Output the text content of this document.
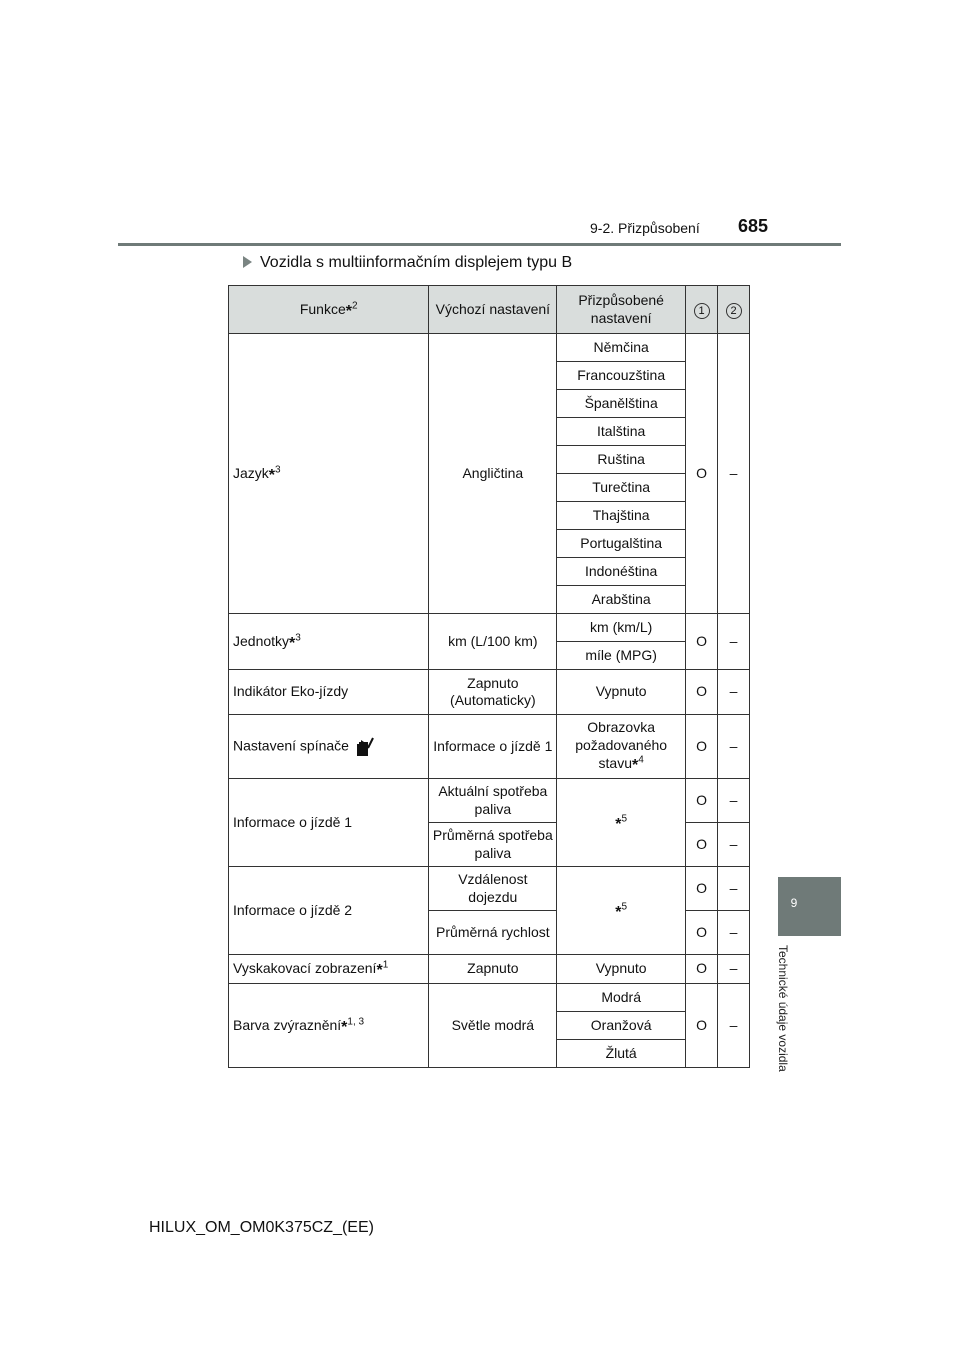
9-2. Přizpůsobení 685
9
Technické údaje vozidla
Vozidla s multiinformačním displejem typu B
Funkce*$^2$	Výchozí nastavení	Přizpůsobené nastavení	1	2
Jazyk*$^3$	Angličtina	Němčina	O	–
		Francouzština		
		Španělština		
		Italština		
		Ruština		
		Turečtina		
		Thajština		
		Portugalština		
		Indonéština		
		Arabština		
Jednotky*$^3$	km (L/100 km)	km (km/L)	O	–
		míle (MPG)		
Indikátor Eko-jízdy	Zapnuto (Automaticky)	Vypnuto	O	–
Nastavení spínače	Informace o jízdě 1	Obrazovka požadovaného stavu*$^4$	O	–
Informace o jízdě 1	Aktuální spotřeba paliva	*$^5$	O	–
	Průměrná spotřeba paliva		O	–
Informace o jízdě 2	Vzdálenost dojezdu	*$^5$	O	–
	Průměrná rychlost		O	–
Vyskakovací zobrazení*$^1$	Zapnuto	Vypnuto	O	–
Barva zvýraznění*$^{1, 3}$	Světle modrá	Modrá	O	–
		Oranžová		
		Žlutá		
HILUX_OM_OM0K375CZ_(EE)
